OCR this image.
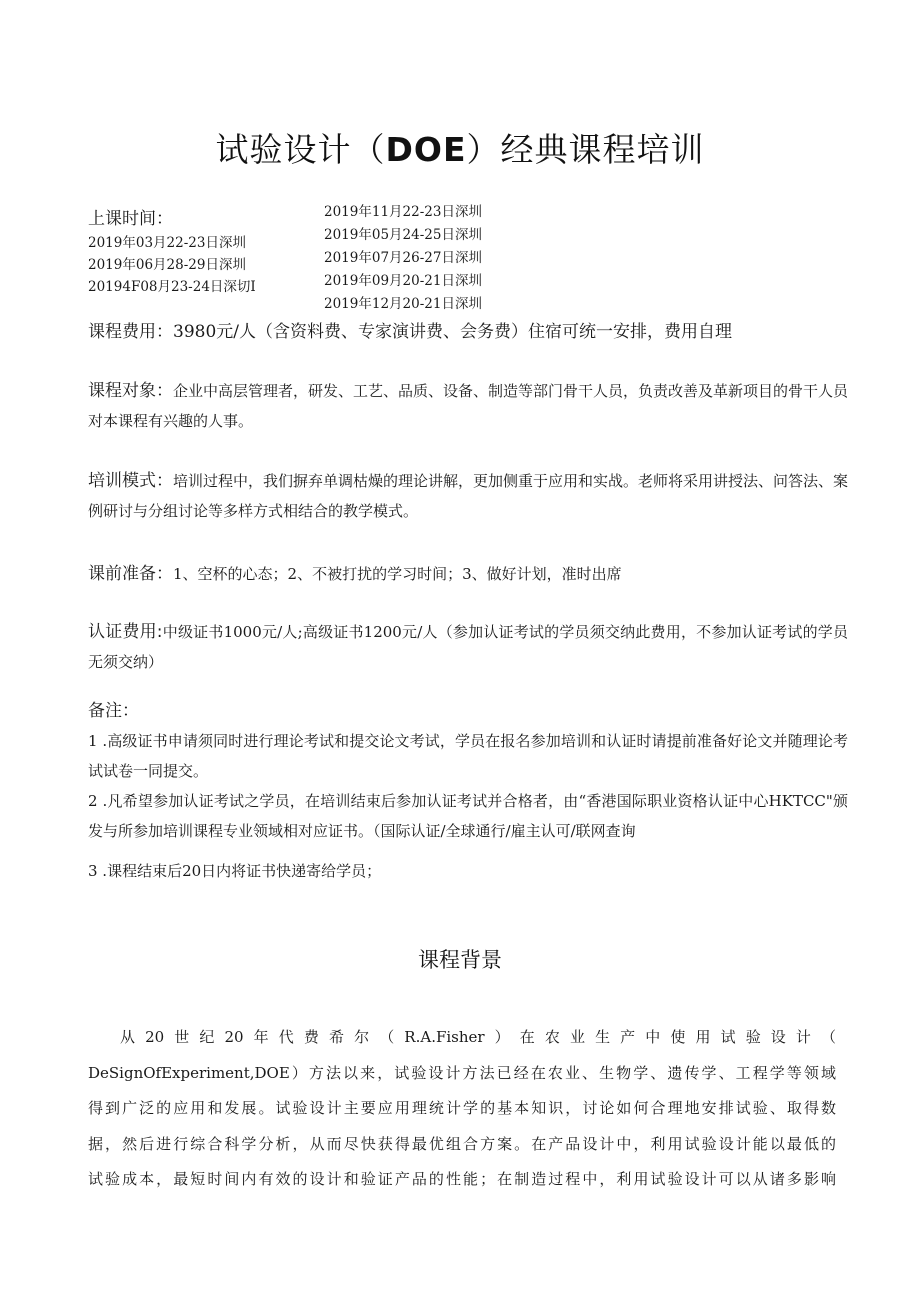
试验设计（DOE）经典课程培训
上课时间：
2019年03月22-23日深圳
2019年06月28-29日深圳
20194F08月23-24日深切I
2019年11月22-23日深圳
2019年05月24-25日深圳
2019年07月26-27日深圳
2019年09月20-21日深圳
2019年12月20-21日深圳
课程费用：3980元/人（含资料费、专家演讲费、会务费）住宿可统一安排，费用自理
课程对象：企业中高层管理者，研发、工艺、品质、设备、制造等部门骨干人员，负责改善及革新项目的骨干人员对本课程有兴趣的人事。
培训模式：培训过程中，我们摒弃单调枯燥的理论讲解，更加侧重于应用和实战。老师将采用讲授法、问答法、案例研讨与分组讨论等多样方式相结合的教学模式。
课前准备：1、空杯的心态；2、不被打扰的学习时间；3、做好计划，准时出席
认证费用:中级证书1000元/人;高级证书1200元/人（参加认证考试的学员须交纳此费用，不参加认证考试的学员无须交纳）
备注：
1 .高级证书申请须同时进行理论考试和提交论文考试，学员在报名参加培训和认证时请提前准备好论文并随理论考试试卷一同提交。
2 .凡希望参加认证考试之学员，在培训结束后参加认证考试并合格者，由“香港国际职业资格认证中心HKTCC"颁发与所参加培训课程专业领域相对应证书。（国际认证/全球通行/雇主认可/联网查询
3 .课程结束后20日内将证书快递寄给学员；
课程背景
从20世纪20年代费希尔（R.A.Fisher）在农业生产中使用试验设计（
DeSignOfExperiment,DOE）方法以来，试验设计方法已经在农业、生物学、遗传学、工程学等领域
得到广泛的应用和发展。试验设计主要应用理统计学的基本知识，讨论如何合理地安排试验、取得数
据，然后进行综合科学分析，从而尽快获得最优组合方案。在产品设计中，利用试验设计能以最低的
试验成本，最短时间内有效的设计和验证产品的性能；在制造过程中，利用试验设计可以从诸多影响
